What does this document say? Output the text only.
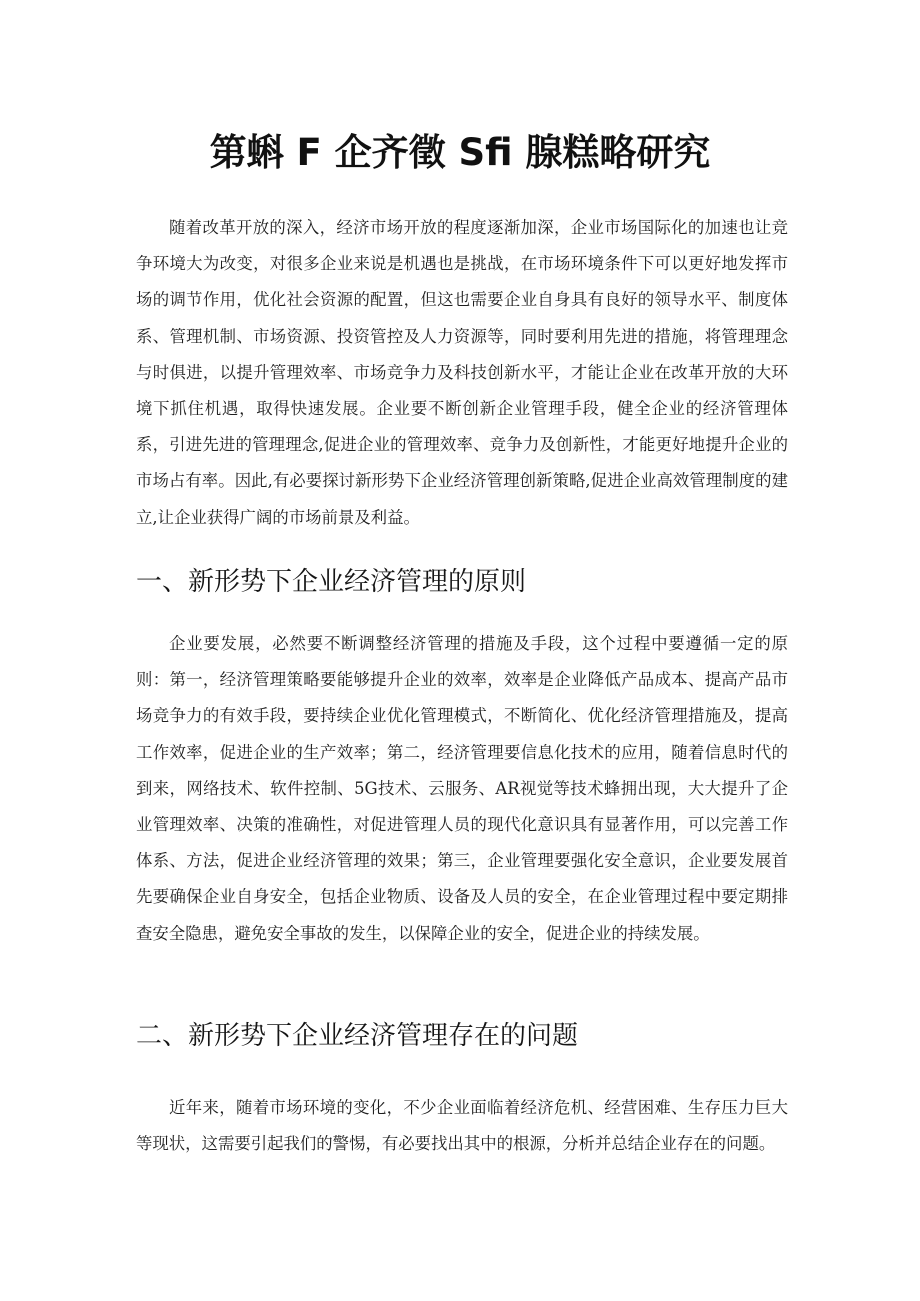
第蝌 F 企齐徵 Sfi 腺糕略研究

随着改革开放的深入，经济市场开放的程度逐渐加深，企业市场国际化的加速也让竞争环境大为改变，对很多企业来说是机遇也是挑战，在市场环境条件下可以更好地发挥市场的调节作用，优化社会资源的配置，但这也需要企业自身具有良好的领导水平、制度体系、管理机制、市场资源、投资管控及人力资源等，同时要利用先进的措施，将管理理念与时俱进，以提升管理效率、市场竞争力及科技创新水平，才能让企业在改革开放的大环境下抓住机遇，取得快速发展。企业要不断创新企业管理手段，健全企业的经济管理体系，引进先进的管理理念,促进企业的管理效率、竞争力及创新性，才能更好地提升企业的市场占有率。因此,有必要探讨新形势下企业经济管理创新策略,促进企业高效管理制度的建立,让企业获得广阔的市场前景及利益。

一、新形势下企业经济管理的原则

企业要发展，必然要不断调整经济管理的措施及手段，这个过程中要遵循一定的原则：第一，经济管理策略要能够提升企业的效率，效率是企业降低产品成本、提高产品市场竞争力的有效手段，要持续企业优化管理模式，不断简化、优化经济管理措施及，提高工作效率，促进企业的生产效率；第二，经济管理要信息化技术的应用，随着信息时代的到来，网络技术、软件控制、5G技术、云服务、AR视觉等技术蜂拥出现，大大提升了企业管理效率、决策的准确性，对促进管理人员的现代化意识具有显著作用，可以完善工作体系、方法，促进企业经济管理的效果；第三，企业管理要强化安全意识，企业要发展首先要确保企业自身安全，包括企业物质、设备及人员的安全，在企业管理过程中要定期排查安全隐患，避免安全事故的发生，以保障企业的安全，促进企业的持续发展。

二、新形势下企业经济管理存在的问题

近年来，随着市场环境的变化，不少企业面临着经济危机、经营困难、生存压力巨大等现状，这需要引起我们的警惕，有必要找出其中的根源，分析并总结企业存在的问题。
